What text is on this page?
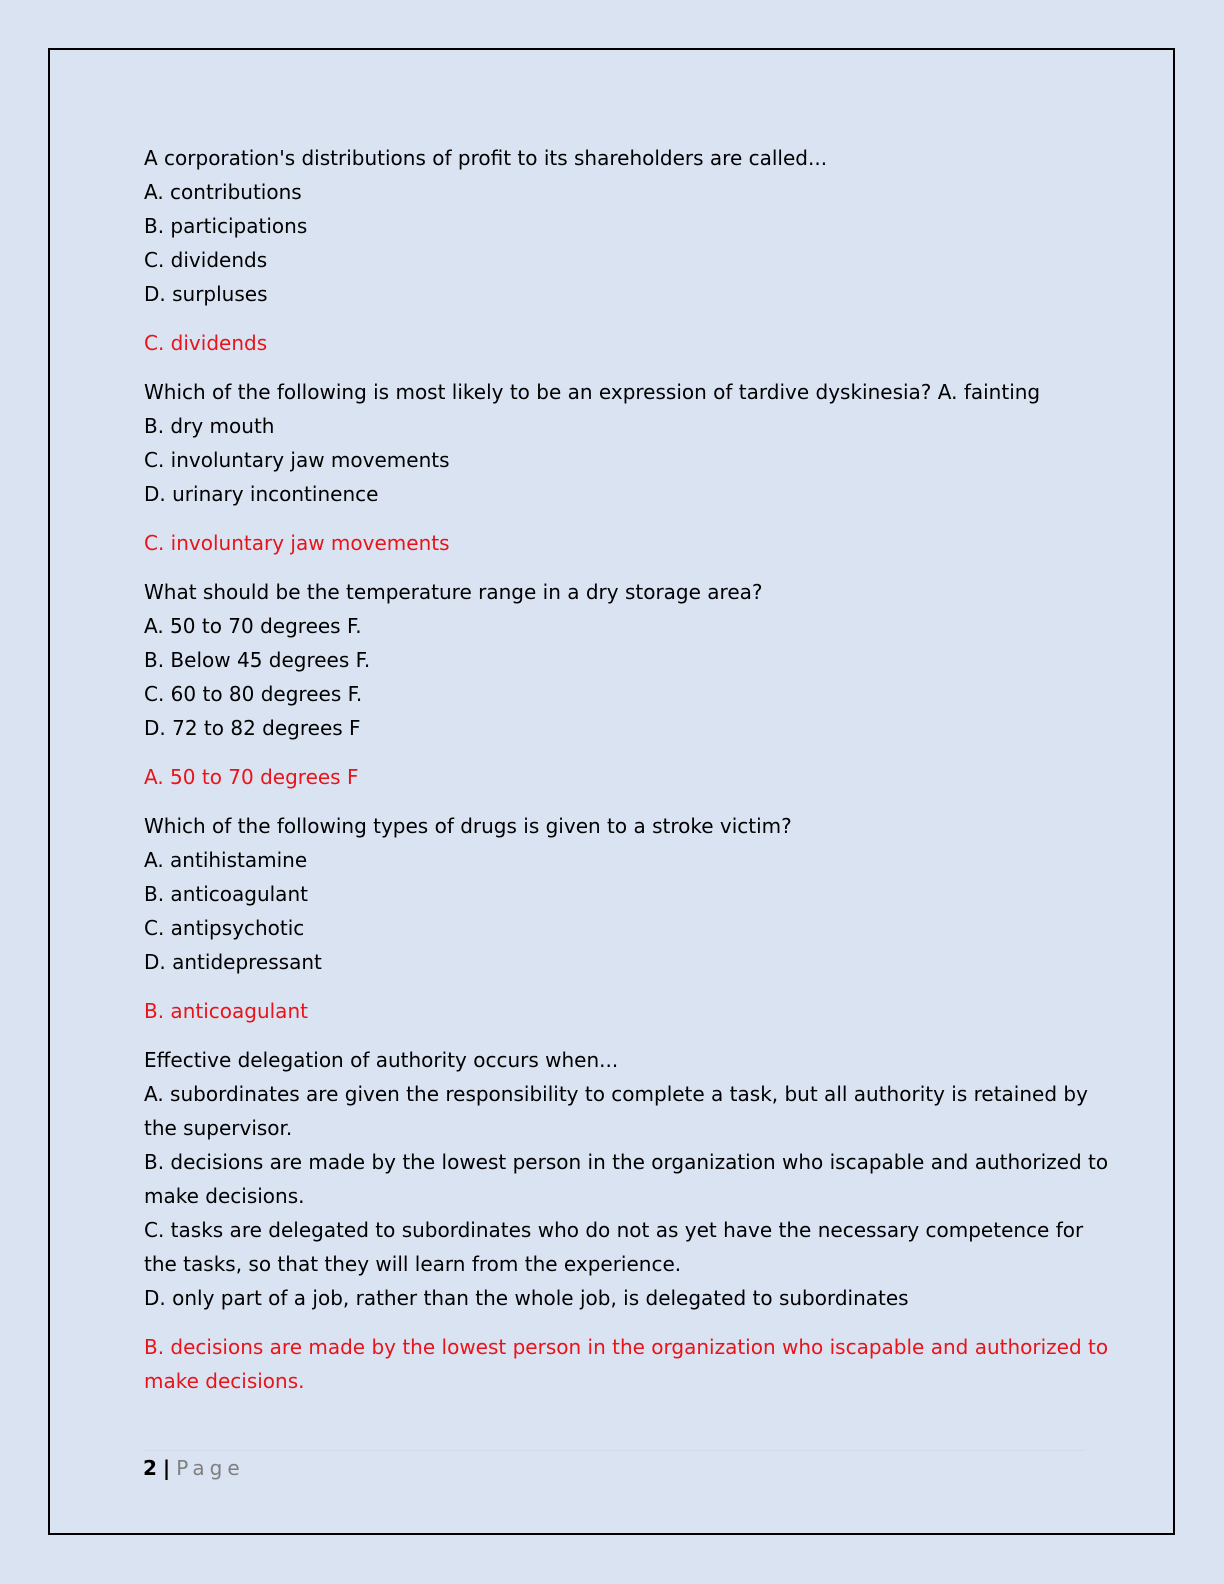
A corporation's distributions of profit to its shareholders are called...
A. contributions
B. participations
C. dividends
D. surpluses
C. dividends
Which of the following is most likely to be an expression of tardive dyskinesia? A. fainting
B. dry mouth
C. involuntary jaw movements
D. urinary incontinence
C. involuntary jaw movements
What should be the temperature range in a dry storage area?
A. 50 to 70 degrees F.
B. Below 45 degrees F.
C. 60 to 80 degrees F.
D. 72 to 82 degrees F
A. 50 to 70 degrees F
Which of the following types of drugs is given to a stroke victim?
A. antihistamine
B. anticoagulant
C. antipsychotic
D. antidepressant
B. anticoagulant
Effective delegation of authority occurs when...
A. subordinates are given the responsibility to complete a task, but all authority is retained by
the supervisor.
B. decisions are made by the lowest person in the organization who iscapable and authorized to
make decisions.
C. tasks are delegated to subordinates who do not as yet have the necessary competence for
the tasks, so that they will learn from the experience.
D. only part of a job, rather than the whole job, is delegated to subordinates
B. decisions are made by the lowest person in the organization who iscapable and authorized to
make decisions.
2 | Page
